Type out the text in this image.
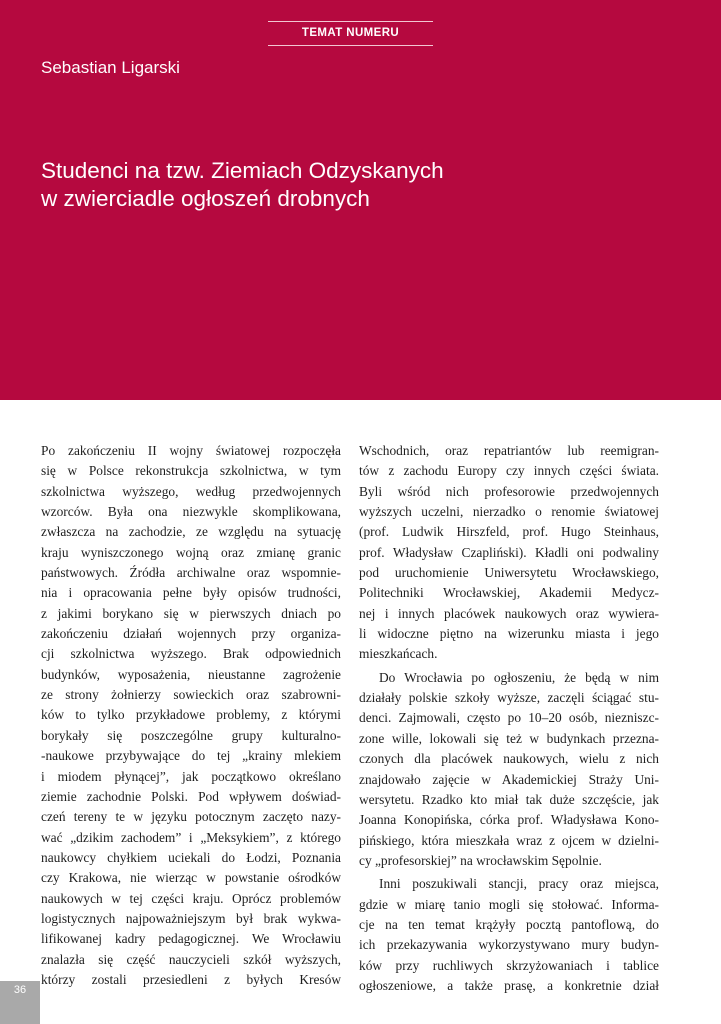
TEMAT NUMERU
Sebastian Ligarski
Studenci na tzw. Ziemiach Odzyskanych
w zwierciadle ogłoszeń drobnych
Po zakończeniu II wojny światowej rozpoczęła
się w Polsce rekonstrukcja szkolnictwa, w tym
szkolnictwa wyższego, według przedwojennych
wzorców. Była ona niezwykle skomplikowana,
zwłaszcza na zachodzie, ze względu na sytuację
kraju wyniszczonego wojną oraz zmianę granic
państwowych. Źródła archiwalne oraz wspomnie-
nia i opracowania pełne były opisów trudności,
z jakimi borykano się w pierwszych dniach po
zakończeniu działań wojennych przy organiza-
cji szkolnictwa wyższego. Brak odpowiednich
budynków, wyposażenia, nieustanne zagrożenie
ze strony żołnierzy sowieckich oraz szabrowni-
ków to tylko przykładowe problemy, z którymi
borykały się poszczególne grupy kulturalno-
-naukowe przybywające do tej „krainy mlekiem
i miodem płynącej”, jak początkowo określano
ziemie zachodnie Polski. Pod wpływem doświad-
czeń tereny te w języku potocznym zaczęto nazy-
wać „dzikim zachodem” i „Meksykiem”, z którego
naukowcy chyłkiem uciekali do Łodzi, Poznania
czy Krakowa, nie wierząc w powstanie ośrodków
naukowych w tej części kraju. Oprócz problemów
logistycznych najpoważniejszym był brak wykwa-
lifikowanej kadry pedagogicznej. We Wrocławiu
znalazła się część nauczycieli szkół wyższych,
którzy zostali przesiedleni z byłych Kresów
Wschodnich, oraz repatriantów lub reemigran-
tów z zachodu Europy czy innych części świata.
Byli wśród nich profesorowie przedwojennych
wyższych uczelni, nierzadko o renomie światowej
(prof. Ludwik Hirszfeld, prof. Hugo Steinhaus,
prof. Władysław Czapliński). Kładli oni podwaliny
pod uruchomienie Uniwersytetu Wrocławskiego,
Politechniki Wrocławskiej, Akademii Medycz-
nej i innych placówek naukowych oraz wywiera-
li widoczne piętno na wizerunku miasta i jego
mieszkańcach.
Do Wrocławia po ogłoszeniu, że będą w nim
działały polskie szkoły wyższe, zaczęli ściągać stu-
denci. Zajmowali, często po 10–20 osób, niezniszc-
zone wille, lokowali się też w budynkach przezna-
czonych dla placówek naukowych, wielu z nich
znajdowało zajęcie w Akademickiej Straży Uni-
wersytetu. Rzadko kto miał tak duże szczęście, jak
Joanna Konopińska, córka prof. Władysława Kono-
pińskiego, która mieszkała wraz z ojcem w dzielni-
cy „profesorskiej” na wrocławskim Sępolnie.
Inni poszukiwali stancji, pracy oraz miejsca,
gdzie w miarę tanio mogli się stołować. Informa-
cje na ten temat krążyły pocztą pantoflową, do
ich przekazywania wykorzystywano mury budyn-
ków przy ruchliwych skrzyżowaniach i tablice
ogłoszeniowe, a także prasę, a konkretnie dział
36
